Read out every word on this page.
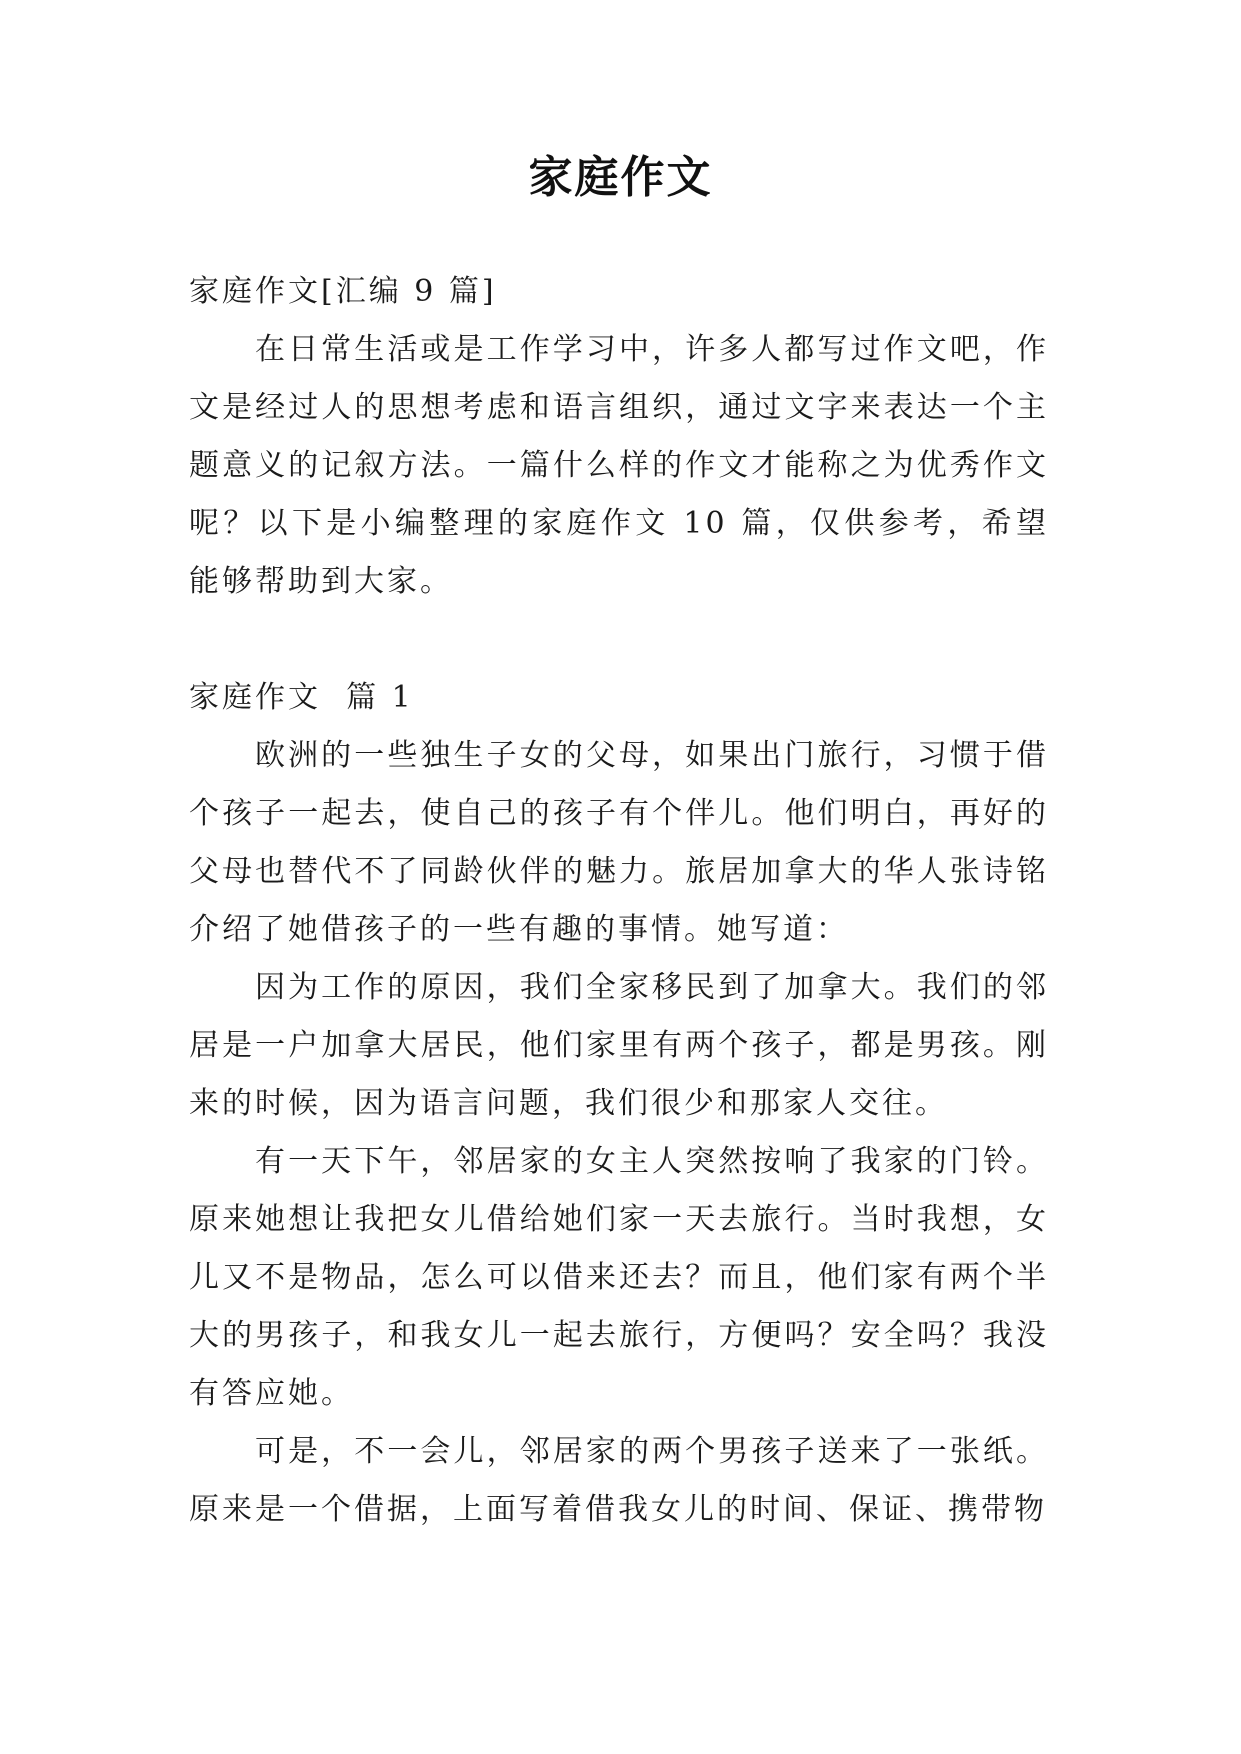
家庭作文

家庭作文[汇编 9 篇]

在日常生活或是工作学习中，许多人都写过作文吧，作文是经过人的思想考虑和语言组织，通过文字来表达一个主题意义的记叙方法。一篇什么样的作文才能称之为优秀作文呢？以下是小编整理的家庭作文 10 篇，仅供参考，希望能够帮助到大家。

家庭作文  篇 1

欧洲的一些独生子女的父母，如果出门旅行，习惯于借个孩子一起去，使自己的孩子有个伴儿。他们明白，再好的父母也替代不了同龄伙伴的魅力。旅居加拿大的华人张诗铭介绍了她借孩子的一些有趣的事情。她写道：

因为工作的原因，我们全家移民到了加拿大。我们的邻居是一户加拿大居民，他们家里有两个孩子，都是男孩。刚来的时候，因为语言问题，我们很少和那家人交往。

有一天下午，邻居家的女主人突然按响了我家的门铃。原来她想让我把女儿借给她们家一天去旅行。当时我想，女儿又不是物品，怎么可以借来还去？而且，他们家有两个半大的男孩子，和我女儿一起去旅行，方便吗？安全吗？我没有答应她。

可是，不一会儿，邻居家的两个男孩子送来了一张纸。原来是一个借据，上面写着借我女儿的时间、保证、携带物
